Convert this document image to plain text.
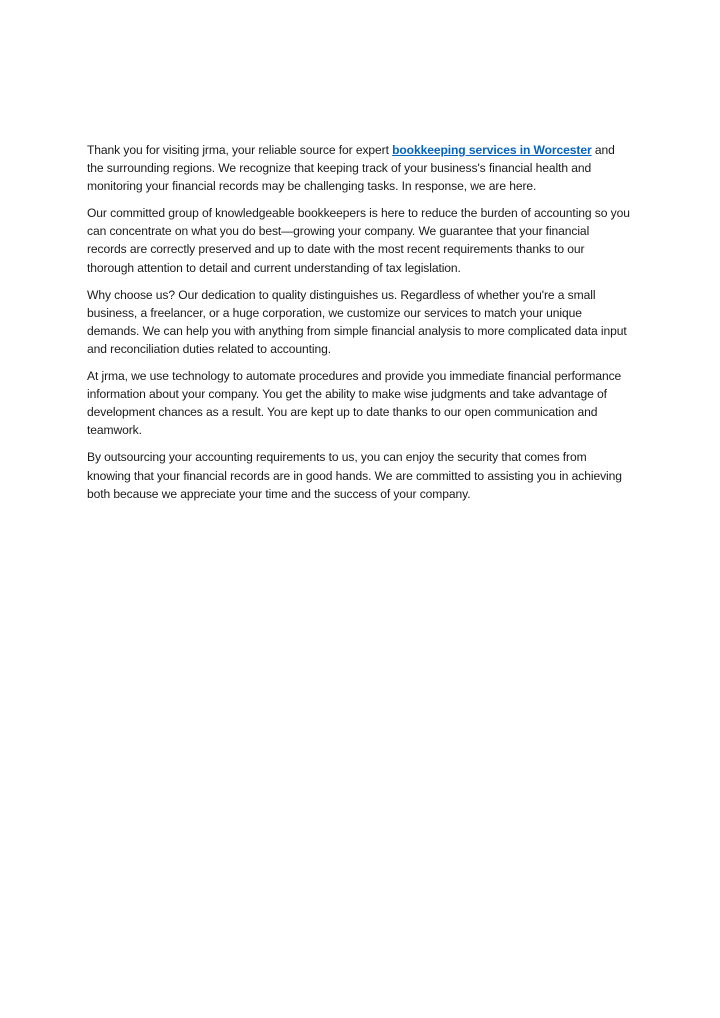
Thank you for visiting jrma, your reliable source for expert bookkeeping services in Worcester and the surrounding regions. We recognize that keeping track of your business's financial health and monitoring your financial records may be challenging tasks. In response, we are here.

Our committed group of knowledgeable bookkeepers is here to reduce the burden of accounting so you can concentrate on what you do best—growing your company. We guarantee that your financial records are correctly preserved and up to date with the most recent requirements thanks to our thorough attention to detail and current understanding of tax legislation.

Why choose us? Our dedication to quality distinguishes us. Regardless of whether you're a small business, a freelancer, or a huge corporation, we customize our services to match your unique demands. We can help you with anything from simple financial analysis to more complicated data input and reconciliation duties related to accounting.

At jrma, we use technology to automate procedures and provide you immediate financial performance information about your company. You get the ability to make wise judgments and take advantage of development chances as a result. You are kept up to date thanks to our open communication and teamwork.

By outsourcing your accounting requirements to us, you can enjoy the security that comes from knowing that your financial records are in good hands. We are committed to assisting you in achieving both because we appreciate your time and the success of your company.
